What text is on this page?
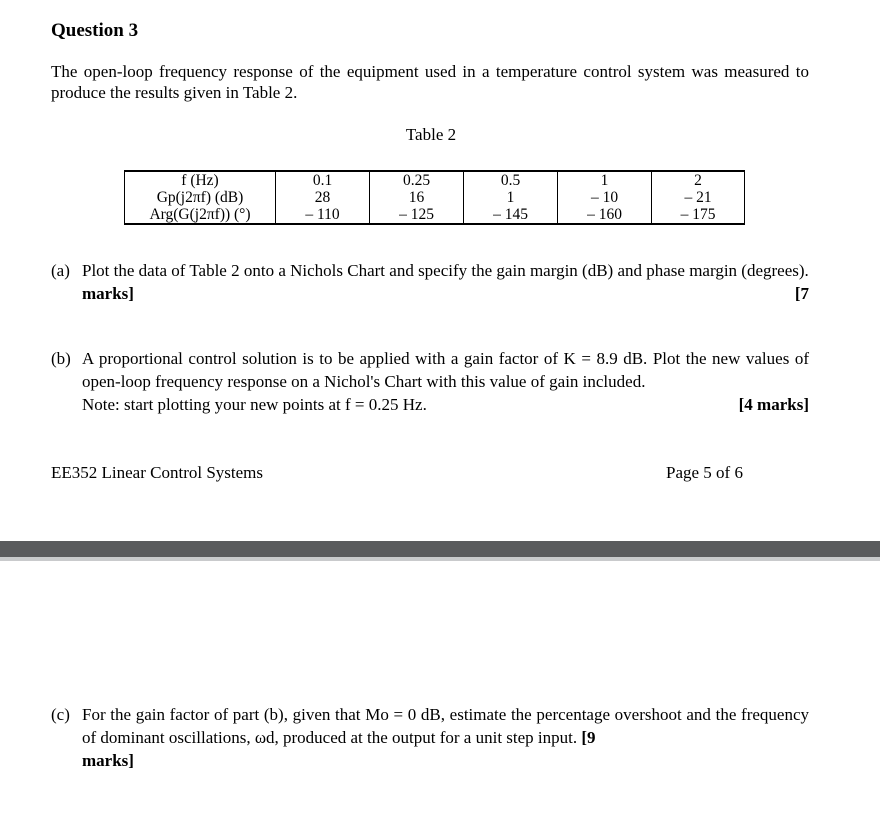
Question 3
The open-loop frequency response of the equipment used in a temperature control system was measured to produce the results given in Table 2.
Table 2
f (Hz)	0.1	0.25	0.5	1	2
Gp(j2πf) (dB)	28	16	1	– 10	– 21
Arg(G(j2πf)) (°)	– 110	– 125	– 145	– 160	– 175
(a) Plot the data of Table 2 onto a Nichols Chart and specify the gain margin (dB) and phase margin (degrees).
[7

marks]
(b) A proportional control solution is to be applied with a gain factor of K = 8.9 dB. Plot the new values of open-loop frequency response on a Nichol's Chart with this value of gain included.
Note: start plotting your new points at f = 0.25 Hz.	[4 marks]
EE352 Linear Control Systems	Page 5 of 6
(c) For the gain factor of part (b), given that Mo = 0 dB, estimate the percentage overshoot and the frequency of dominant oscillations, ωd, produced at the output for a unit step input. [9
marks]
